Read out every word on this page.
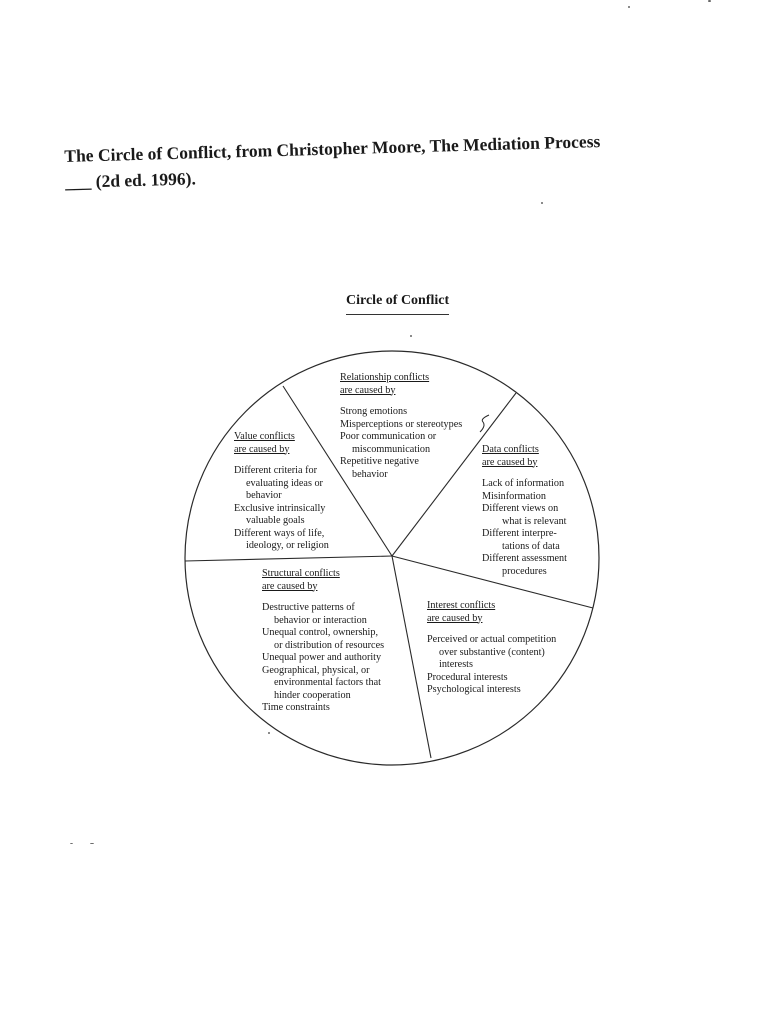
The Circle of Conflict, from Christopher Moore, The Mediation Process
___ (2d ed. 1996).
Circle of Conflict
Relationship conflicts
are caused by
Strong emotions
Misperceptions or stereotypes
Poor communication or
miscommunication
Repetitive negative
behavior
Value conflicts
are caused by
Different criteria for
evaluating ideas or
behavior
Exclusive intrinsically
valuable goals
Different ways of life,
ideology, or religion
Data conflicts
are caused by
Lack of information
Misinformation
Different views on
what is relevant
Different interpre-
tations of data
Different assessment
procedures
Structural conflicts
are caused by
Destructive patterns of
behavior or interaction
Unequal control, ownership,
or distribution of resources
Unequal power and authority
Geographical, physical, or
environmental factors that
hinder cooperation
Time constraints
Interest conflicts
are caused by
Perceived or actual competition
over substantive (content)
interests
Procedural interests
Psychological interests
